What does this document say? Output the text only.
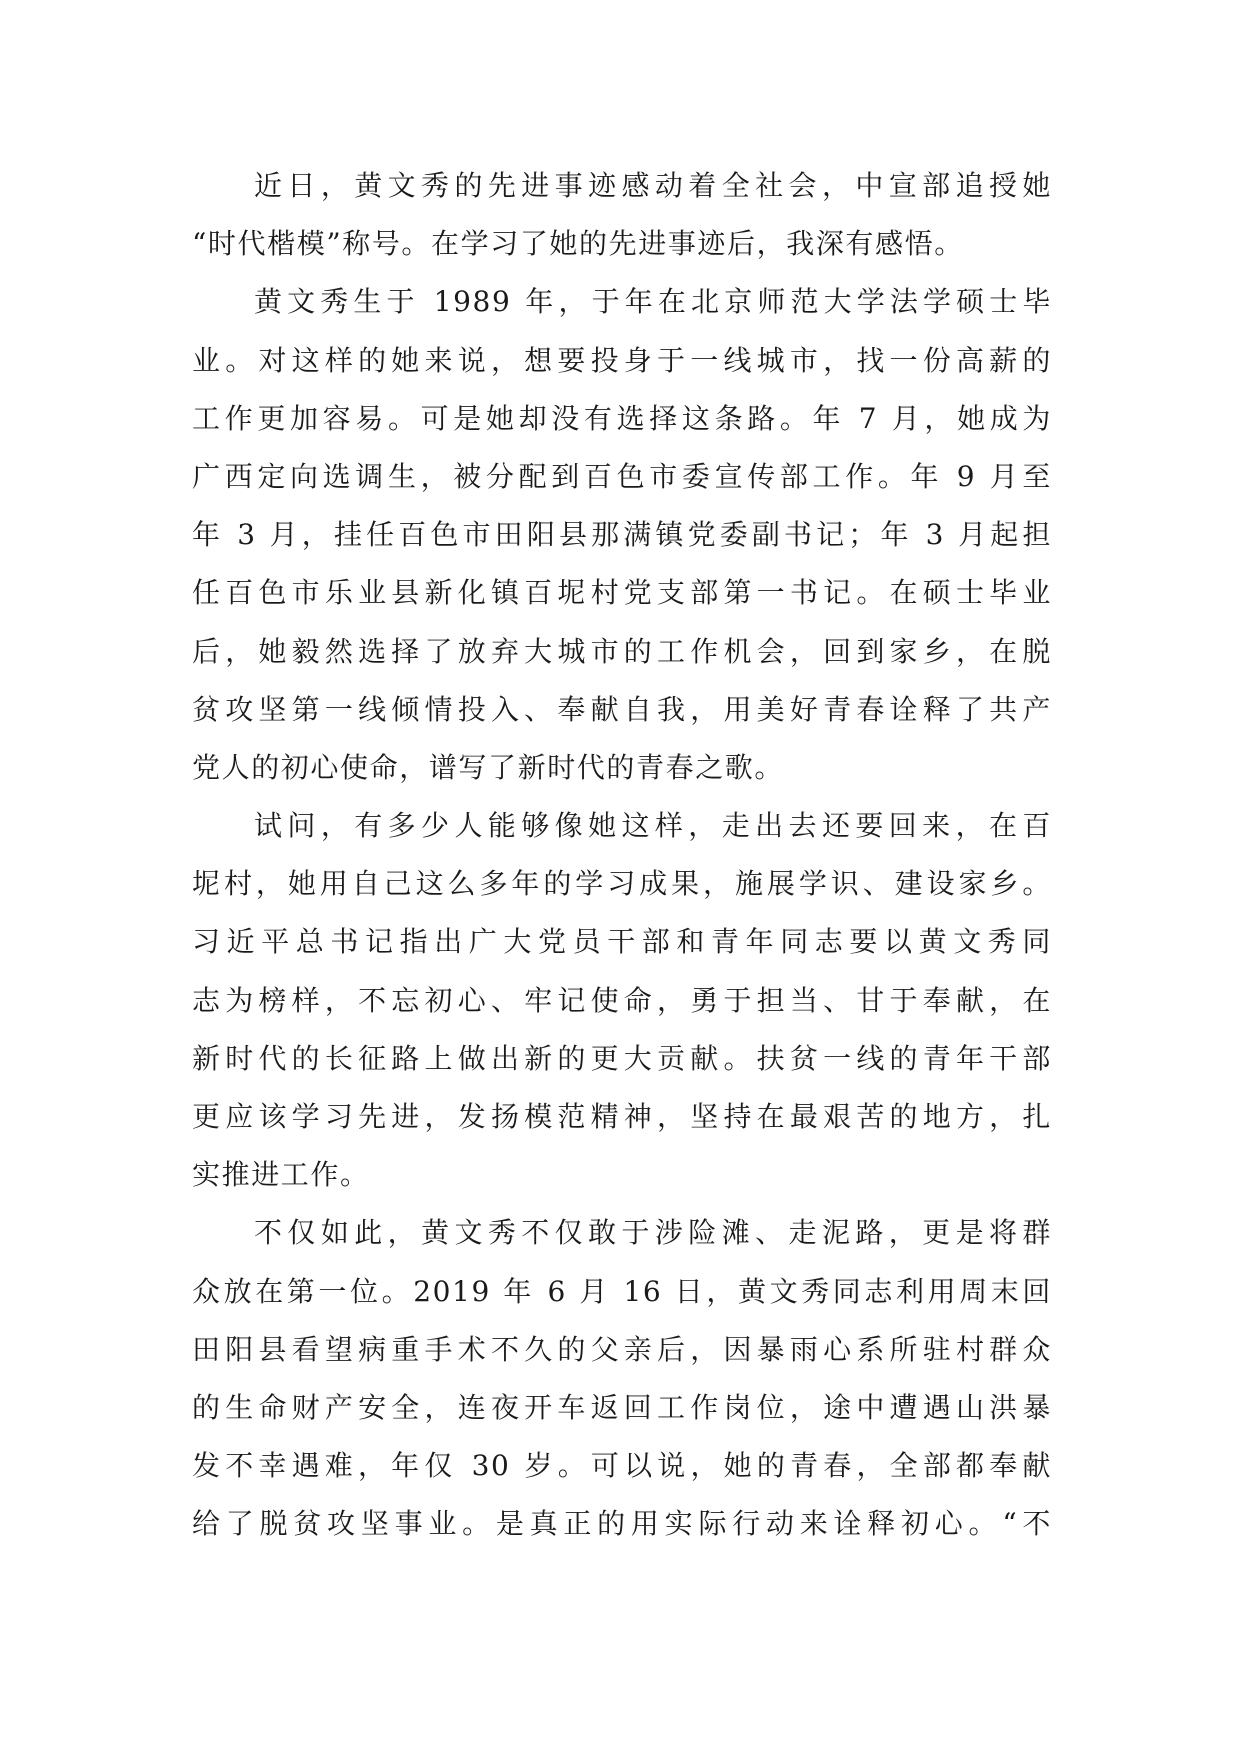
近日，黄文秀的先进事迹感动着全社会，中宣部追授她
“时代楷模”称号。在学习了她的先进事迹后，我深有感悟。
黄文秀生于 1989 年，于年在北京师范大学法学硕士毕
业。对这样的她来说，想要投身于一线城市，找一份高薪的
工作更加容易。可是她却没有选择这条路。年 7 月，她成为
广西定向选调生，被分配到百色市委宣传部工作。年 9 月至
年 3 月，挂任百色市田阳县那满镇党委副书记；年 3 月起担
任百色市乐业县新化镇百坭村党支部第一书记。在硕士毕业
后，她毅然选择了放弃大城市的工作机会，回到家乡，在脱
贫攻坚第一线倾情投入、奉献自我，用美好青春诠释了共产
党人的初心使命，谱写了新时代的青春之歌。
试问，有多少人能够像她这样，走出去还要回来，在百
坭村，她用自己这么多年的学习成果，施展学识、建设家乡。
习近平总书记指出广大党员干部和青年同志要以黄文秀同
志为榜样，不忘初心、牢记使命，勇于担当、甘于奉献，在
新时代的长征路上做出新的更大贡献。扶贫一线的青年干部
更应该学习先进，发扬模范精神，坚持在最艰苦的地方，扎
实推进工作。
不仅如此，黄文秀不仅敢于涉险滩、走泥路，更是将群
众放在第一位。2019 年 6 月 16 日，黄文秀同志利用周末回
田阳县看望病重手术不久的父亲后，因暴雨心系所驻村群众
的生命财产安全，连夜开车返回工作岗位，途中遭遇山洪暴
发不幸遇难，年仅 30 岁。可以说，她的青春，全部都奉献
给了脱贫攻坚事业。是真正的用实际行动来诠释初心。“不
